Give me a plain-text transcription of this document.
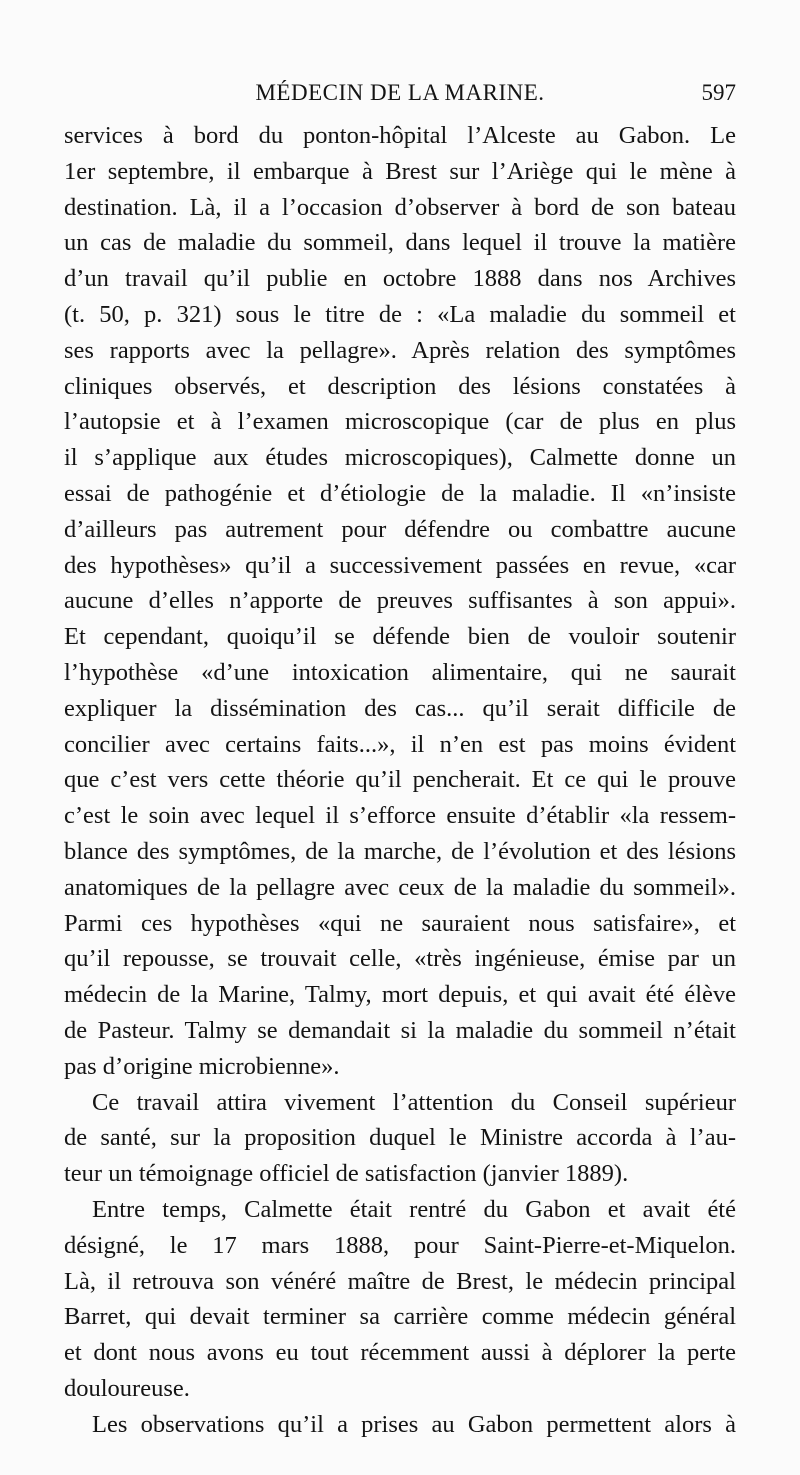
MÉDECIN DE LA MARINE.	597
services à bord du ponton-hôpital l’Alceste au Gabon. Le
1er septembre, il embarque à Brest sur l’Ariège qui le mène à
destination. Là, il a l’occasion d’observer à bord de son bateau
un cas de maladie du sommeil, dans lequel il trouve la matière
d’un travail qu’il publie en octobre 1888 dans nos Archives
(t. 50, p. 321) sous le titre de : «La maladie du sommeil et
ses rapports avec la pellagre». Après relation des symptômes
cliniques observés, et description des lésions constatées à
l’autopsie et à l’examen microscopique (car de plus en plus
il s’applique aux études microscopiques), Calmette donne un
essai de pathogénie et d’étiologie de la maladie. Il «n’insiste
d’ailleurs pas autrement pour défendre ou combattre aucune
des hypothèses» qu’il a successivement passées en revue, «car
aucune d’elles n’apporte de preuves suffisantes à son appui».
Et cependant, quoiqu’il se défende bien de vouloir soutenir
l’hypothèse «d’une intoxication alimentaire, qui ne saurait
expliquer la dissémination des cas... qu’il serait difficile de
concilier avec certains faits...», il n’en est pas moins évident
que c’est vers cette théorie qu’il pencherait. Et ce qui le prouve
c’est le soin avec lequel il s’efforce ensuite d’établir «la ressem-
blance des symptômes, de la marche, de l’évolution et des lésions
anatomiques de la pellagre avec ceux de la maladie du sommeil».
Parmi ces hypothèses «qui ne sauraient nous satisfaire», et
qu’il repousse, se trouvait celle, «très ingénieuse, émise par un
médecin de la Marine, Talmy, mort depuis, et qui avait été élève
de Pasteur. Talmy se demandait si la maladie du sommeil n’était
pas d’origine microbienne».
Ce travail attira vivement l’attention du Conseil supérieur
de santé, sur la proposition duquel le Ministre accorda à l’au-
teur un témoignage officiel de satisfaction (janvier 1889).
Entre temps, Calmette était rentré du Gabon et avait été
désigné, le 17 mars 1888, pour Saint-Pierre-et-Miquelon.
Là, il retrouva son vénéré maître de Brest, le médecin principal
Barret, qui devait terminer sa carrière comme médecin général
et dont nous avons eu tout récemment aussi à déplorer la perte
douloureuse.
Les observations qu’il a prises au Gabon permettent alors à
